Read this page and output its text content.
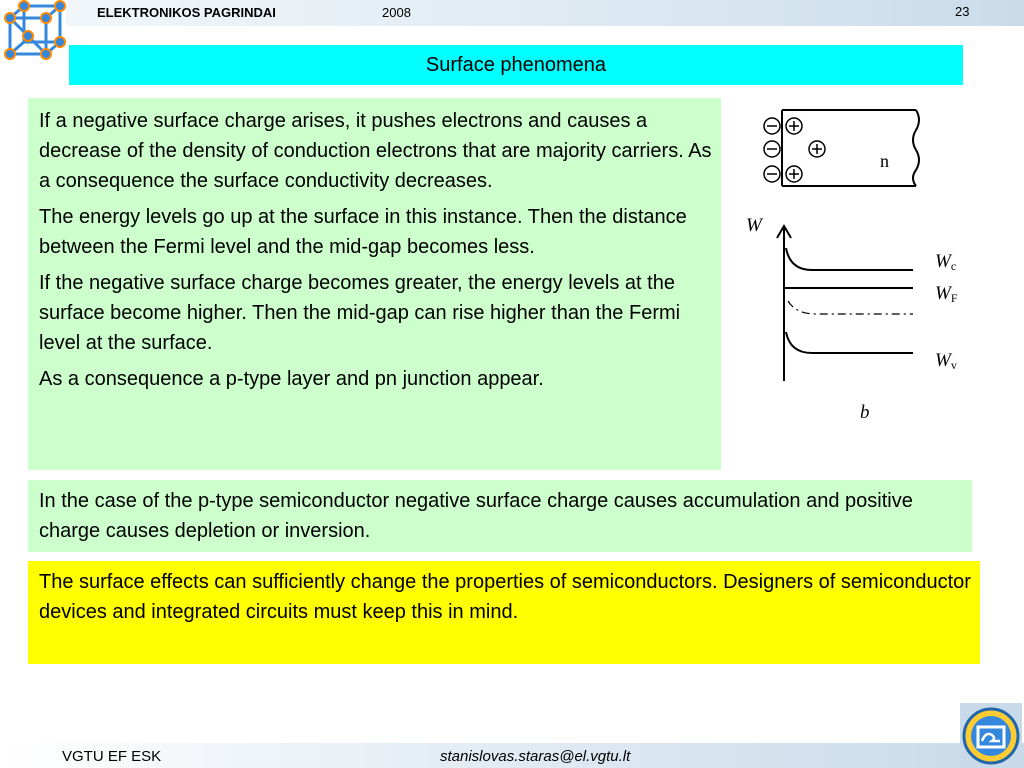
ELEKTRONIKOS PAGRINDAI	2008	23
Surface phenomena

If a negative surface charge arises, it pushes electrons and causes a decrease of the density of conduction electrons that are majority carriers. As a consequence the surface conductivity decreases.

The energy levels go up at the surface in this instance. Then the distance between the Fermi level and the mid-gap becomes less.

If the negative surface charge becomes greater, the energy levels at the surface become higher. Then the mid-gap can rise higher than the Fermi level at the surface.

As a consequence a p-type layer and pn junction appear.

n
W
Wc
WF
Wv
b

In the case of the p-type semiconductor negative surface charge causes accumulation and positive charge causes depletion or inversion.

The surface effects can sufficiently change the properties of semiconductors. Designers of semiconductor devices and integrated circuits must keep this in mind.

VGTU EF ESK	stanislovas.staras@el.vgtu.lt
